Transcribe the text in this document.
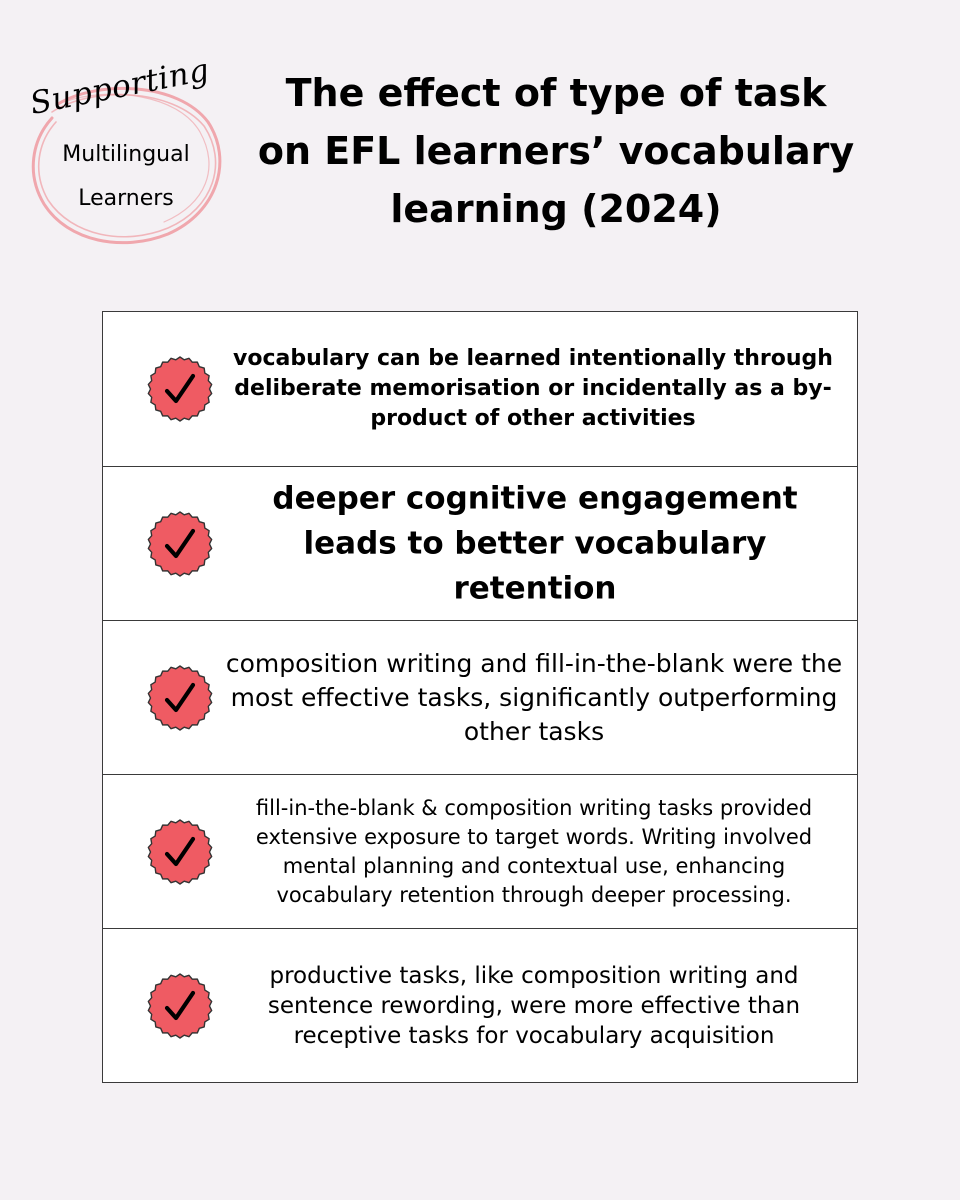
Supporting
Multilingual
Learners
The effect of type of task
on EFL learners’ vocabulary
learning (2024)

vocabulary can be learned intentionally through deliberate memorisation or incidentally as a by-product of other activities

deeper cognitive engagement leads to better vocabulary retention

composition writing and fill-in-the-blank were the most effective tasks, significantly outperforming other tasks

fill-in-the-blank & composition writing tasks provided extensive exposure to target words. Writing involved mental planning and contextual use, enhancing vocabulary retention through deeper processing.

productive tasks, like composition writing and sentence rewording, were more effective than receptive tasks for vocabulary acquisition
